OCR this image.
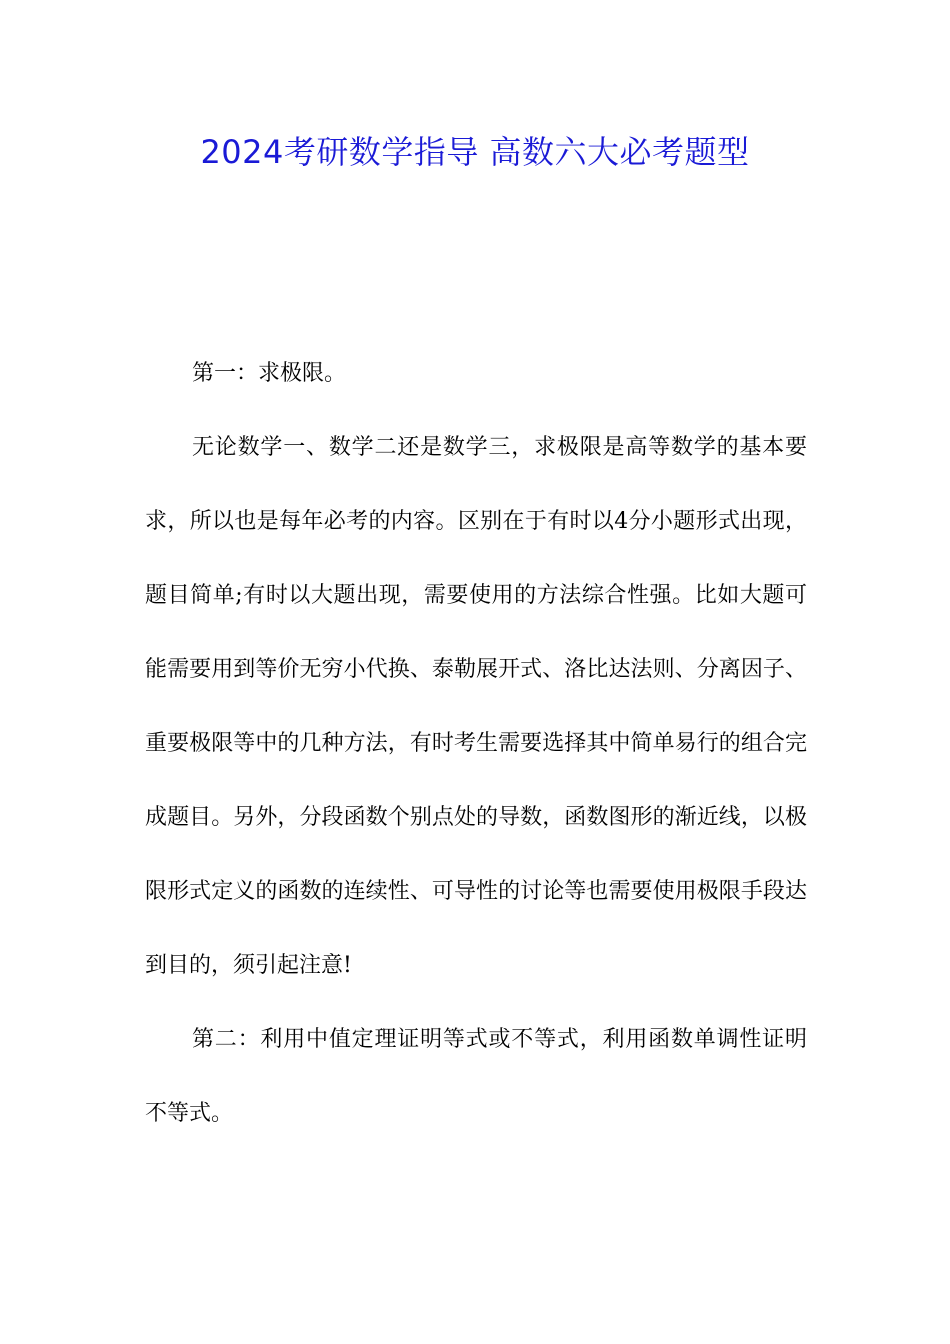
2024考研数学指导 高数六大必考题型

第一：求极限。

无论数学一、数学二还是数学三，求极限是高等数学的基本要求，所以也是每年必考的内容。区别在于有时以4分小题形式出现，题目简单;有时以大题出现，需要使用的方法综合性强。比如大题可能需要用到等价无穷小代换、泰勒展开式、洛比达法则、分离因子、重要极限等中的几种方法，有时考生需要选择其中简单易行的组合完成题目。另外，分段函数个别点处的导数，函数图形的渐近线，以极限形式定义的函数的连续性、可导性的讨论等也需要使用极限手段达到目的，须引起注意!

第二：利用中值定理证明等式或不等式，利用函数单调性证明不等式。
